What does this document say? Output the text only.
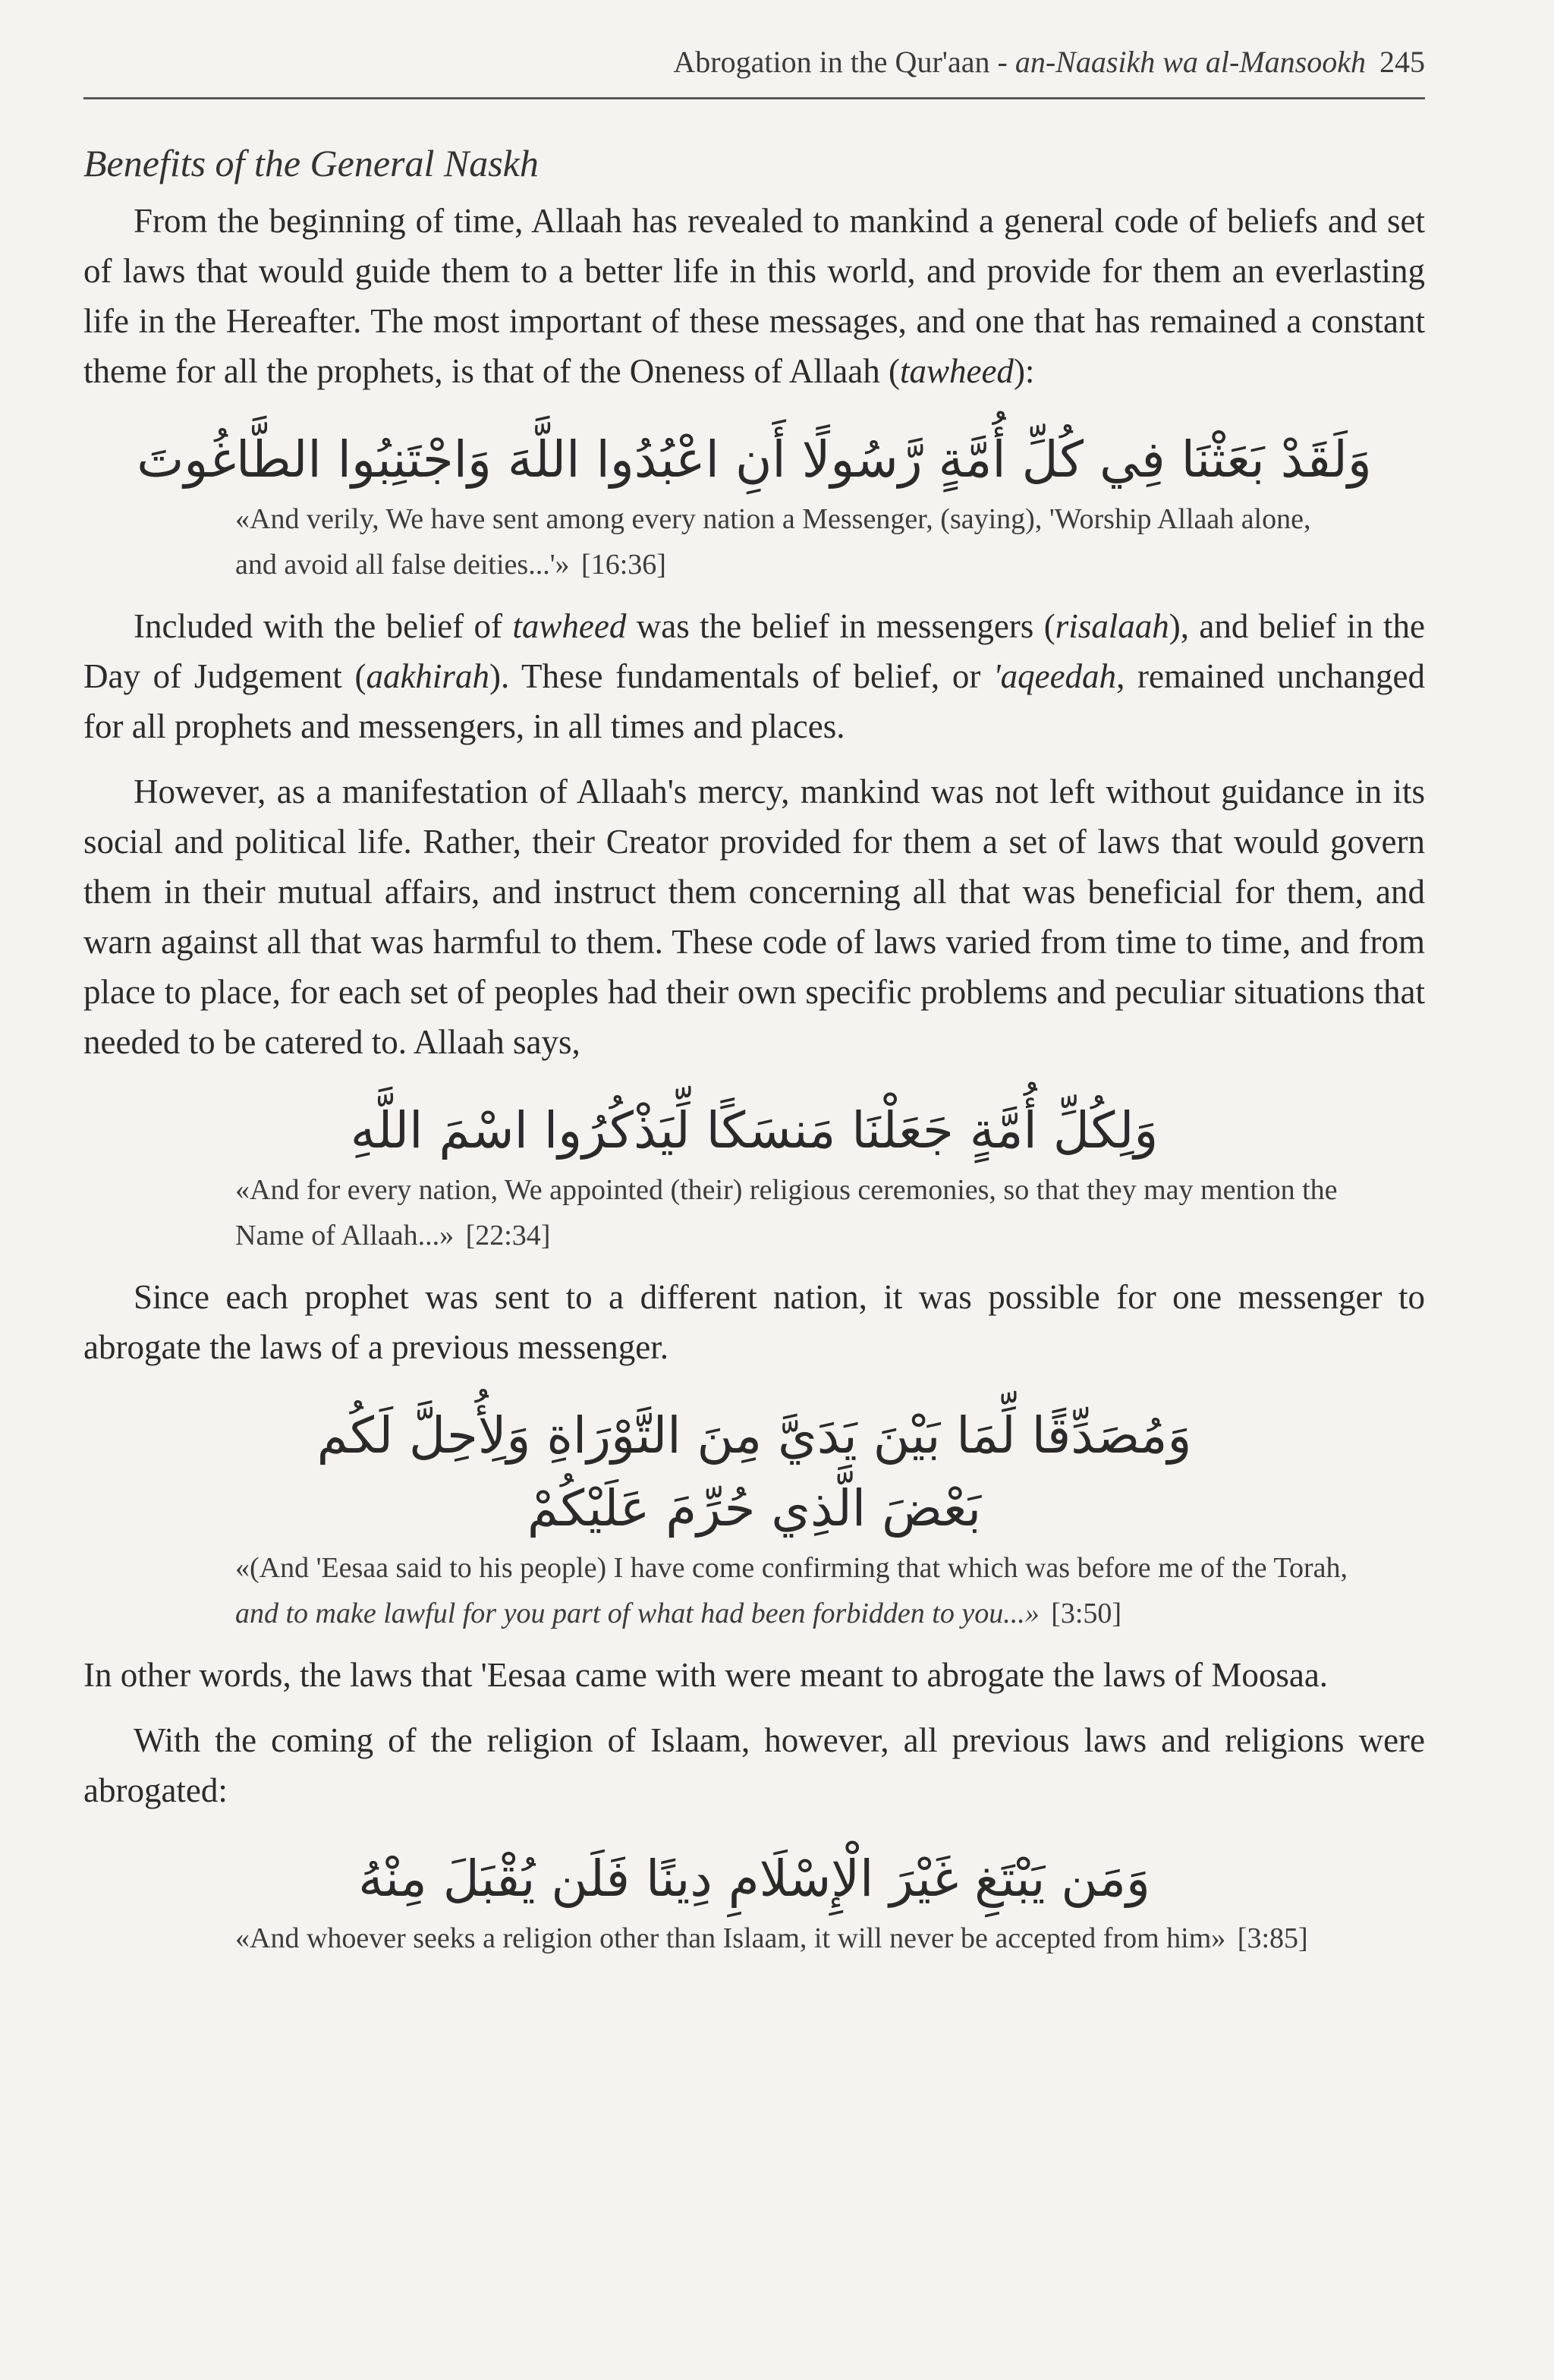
Abrogation in the Qur'aan - an-Naasikh wa al-Mansookh 245
Benefits of the General Naskh

From the beginning of time, Allaah has revealed to mankind a general code of beliefs and set of laws that would guide them to a better life in this world, and provide for them an everlasting life in the Hereafter. The most important of these messages, and one that has remained a constant theme for all the prophets, is that of the Oneness of Allaah (tawheed):

وَلَقَدْ بَعَثْنَا فِي كُلِّ أُمَّةٍ رَّسُولًا أَنِ اعْبُدُوا اللَّهَ وَاجْتَنِبُوا الطَّاغُوتَ

«And verily, We have sent among every nation a Messenger, (saying), 'Worship Allaah alone, and avoid all false deities...'» [16:36]

Included with the belief of tawheed was the belief in messengers (risalaah), and belief in the Day of Judgement (aakhirah). These fundamentals of belief, or 'aqeedah, remained unchanged for all prophets and messengers, in all times and places.

However, as a manifestation of Allaah's mercy, mankind was not left without guidance in its social and political life. Rather, their Creator provided for them a set of laws that would govern them in their mutual affairs, and instruct them concerning all that was beneficial for them, and warn against all that was harmful to them. These code of laws varied from time to time, and from place to place, for each set of peoples had their own specific problems and peculiar situations that needed to be catered to. Allaah says,

وَلِكُلِّ أُمَّةٍ جَعَلْنَا مَنسَكًا لِّيَذْكُرُوا اسْمَ اللَّهِ

«And for every nation, We appointed (their) religious ceremonies, so that they may mention the Name of Allaah...» [22:34]

Since each prophet was sent to a different nation, it was possible for one messenger to abrogate the laws of a previous messenger.

وَمُصَدِّقًا لِّمَا بَيْنَ يَدَيَّ مِنَ التَّوْرَاةِ وَلِأُحِلَّ لَكُم

بَعْضَ الَّذِي حُرِّمَ عَلَيْكُمْ

«(And 'Eesaa said to his people) I have come confirming that which was before me of the Torah, and to make lawful for you part of what had been forbidden to you...» [3:50]

In other words, the laws that 'Eesaa came with were meant to abrogate the laws of Moosaa.

With the coming of the religion of Islaam, however, all previous laws and religions were abrogated:

وَمَن يَبْتَغِ غَيْرَ الْإِسْلَامِ دِينًا فَلَن يُقْبَلَ مِنْهُ

«And whoever seeks a religion other than Islaam, it will never be accepted from him» [3:85]
